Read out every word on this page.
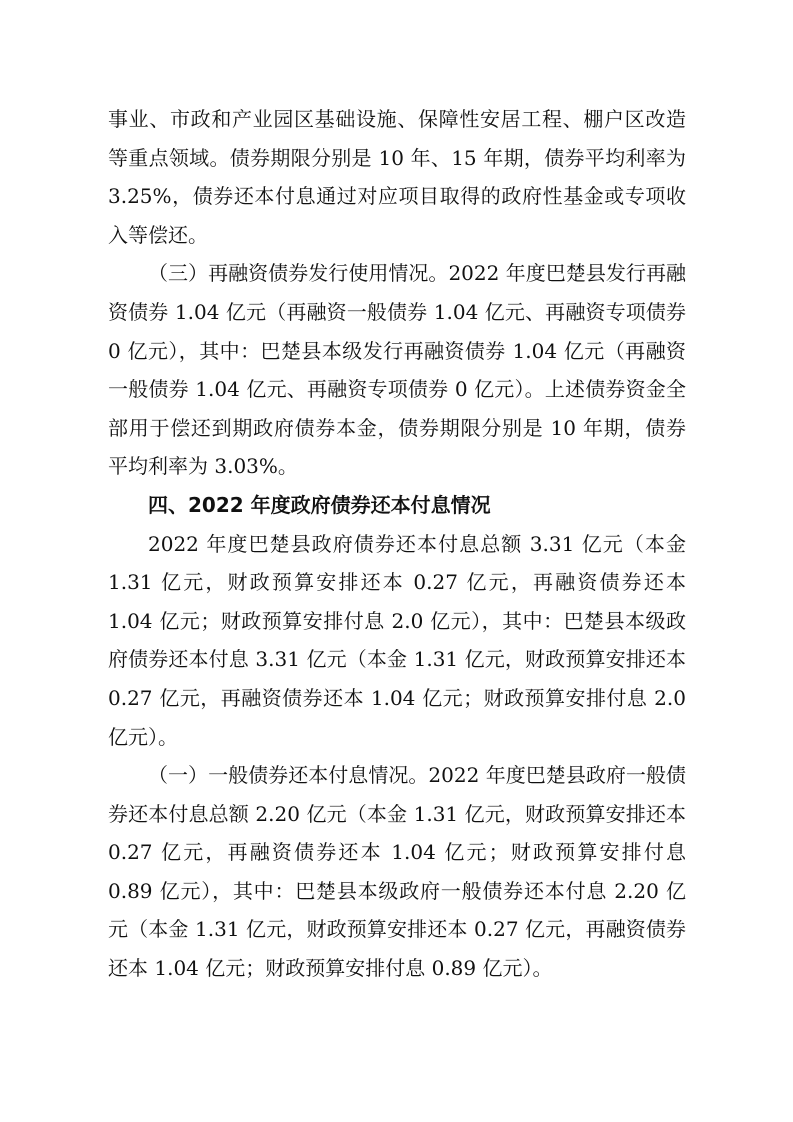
事业、市政和产业园区基础设施、保障性安居工程、棚户区改造等重点领域。债券期限分别是 10 年、15 年期，债券平均利率为 3.25%，债券还本付息通过对应项目取得的政府性基金或专项收入等偿还。

（三）再融资债券发行使用情况。2022 年度巴楚县发行再融资债券 1.04 亿元（再融资一般债券 1.04 亿元、再融资专项债券 0 亿元），其中：巴楚县本级发行再融资债券 1.04 亿元（再融资一般债券 1.04 亿元、再融资专项债券 0 亿元）。上述债券资金全部用于偿还到期政府债券本金，债券期限分别是 10 年期，债券平均利率为 3.03%。

四、2022 年度政府债券还本付息情况

2022 年度巴楚县政府债券还本付息总额 3.31 亿元（本金 1.31 亿元，财政预算安排还本 0.27 亿元，再融资债券还本 1.04 亿元；财政预算安排付息 2.0 亿元），其中：巴楚县本级政府债券还本付息 3.31 亿元（本金 1.31 亿元，财政预算安排还本 0.27 亿元，再融资债券还本 1.04 亿元；财政预算安排付息 2.0 亿元）。

（一）一般债券还本付息情况。2022 年度巴楚县政府一般债券还本付息总额 2.20 亿元（本金 1.31 亿元，财政预算安排还本 0.27 亿元，再融资债券还本 1.04 亿元；财政预算安排付息 0.89 亿元），其中：巴楚县本级政府一般债券还本付息 2.20 亿元（本金 1.31 亿元，财政预算安排还本 0.27 亿元，再融资债券还本 1.04 亿元；财政预算安排付息 0.89 亿元）。
